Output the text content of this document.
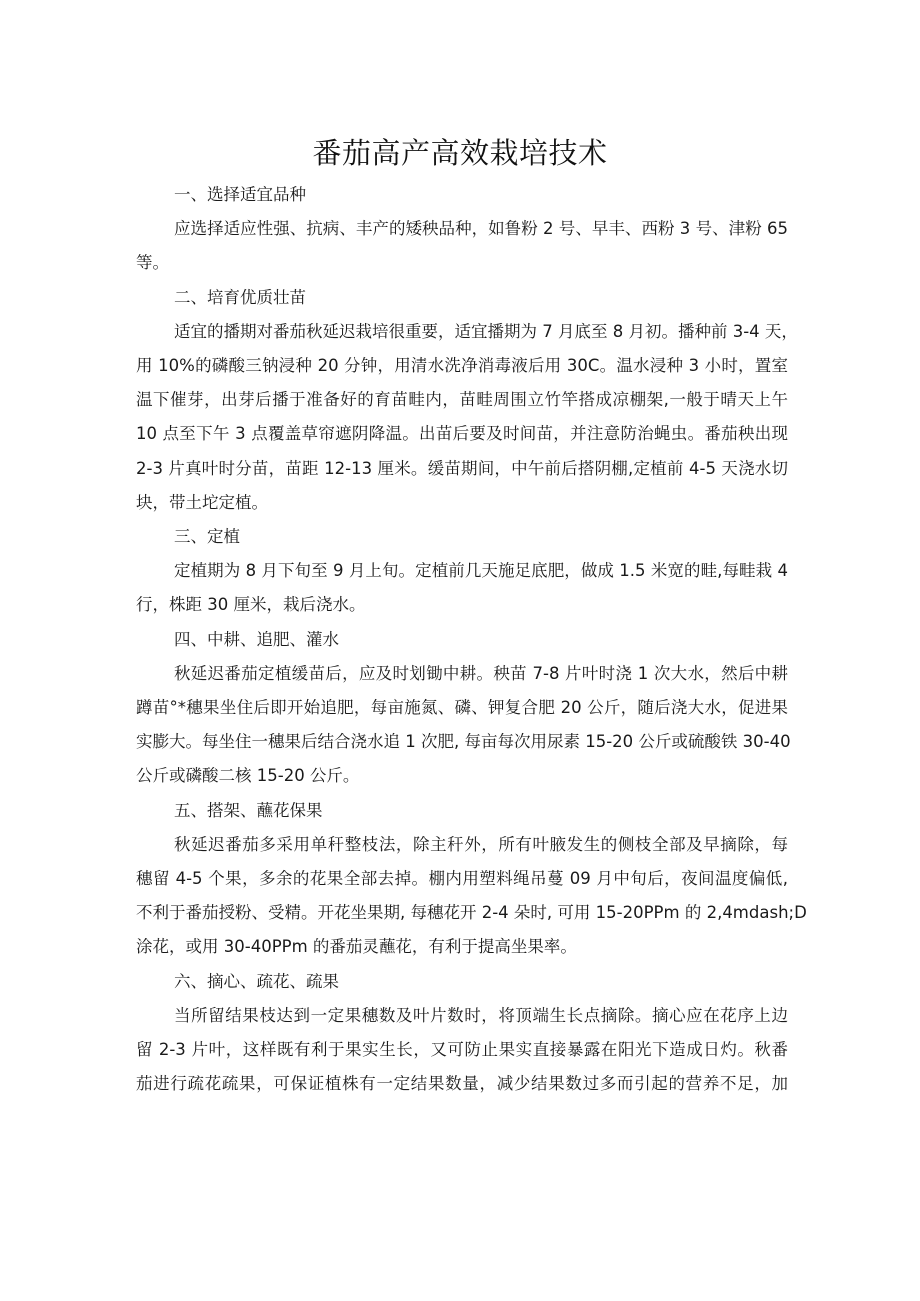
番茄高产高效栽培技术
一、选择适宜品种
应选择适应性强、抗病、丰产的矮秧品种，如鲁粉 2 号、早丰、西粉 3 号、津粉 65
等。
二、培育优质壮苗
适宜的播期对番茄秋延迟栽培很重要，适宜播期为 7 月底至 8 月初。播种前 3-4 天，
用 10%的磷酸三钠浸种 20 分钟，用清水洗净消毒液后用 30C。温水浸种 3 小时，置室
温下催芽，出芽后播于准备好的育苗畦内，苗畦周围立竹竿搭成凉棚架,一般于晴天上午
10 点至下午 3 点覆盖草帘遮阴降温。出苗后要及时间苗，并注意防治蝇虫。番茄秧出现
2-3 片真叶时分苗，苗距 12-13 厘米。缓苗期间，中午前后搭阴棚,定植前 4-5 天浇水切
块，带土坨定植。
三、定植
定植期为 8 月下旬至 9 月上旬。定植前几天施足底肥，做成 1.5 米宽的畦,每畦栽 4
行，株距 30 厘米，栽后浇水。
四、中耕、追肥、灌水
秋延迟番茄定植缓苗后，应及时划锄中耕。秧苗 7-8 片叶时浇 1 次大水，然后中耕
蹲苗°*穗果坐住后即开始追肥，每亩施氮、磷、钾复合肥 20 公斤，随后浇大水，促进果
实膨大。每坐住一穗果后结合浇水追 1 次肥, 每亩每次用尿素 15-20 公斤或硫酸铁 30-40
公斤或磷酸二核 15-20 公斤。
五、搭架、蘸花保果
秋延迟番茄多采用单秆整枝法，除主秆外，所有叶腋发生的侧枝全部及早摘除，每
穗留 4-5 个果，多余的花果全部去掉。棚内用塑料绳吊蔓 09 月中旬后，夜间温度偏低,
不利于番茄授粉、受精。开花坐果期, 每穗花开 2-4 朵时, 可用 15-20PPm 的 2,4mdash;D
涂花，或用 30-40PPm 的番茄灵蘸花，有利于提高坐果率。
六、摘心、疏花、疏果
当所留结果枝达到一定果穗数及叶片数时，将顶端生长点摘除。摘心应在花序上边
留 2-3 片叶，这样既有利于果实生长，又可防止果实直接暴露在阳光下造成日灼。秋番
茄进行疏花疏果，可保证植株有一定结果数量，减少结果数过多而引起的营养不足，加
